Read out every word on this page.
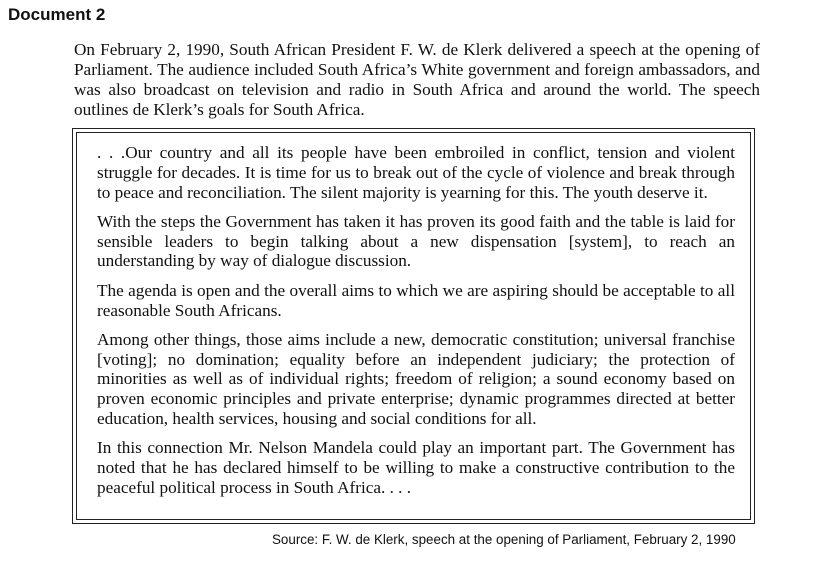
Document 2

On February 2, 1990, South African President F. W. de Klerk delivered a speech at the opening of Parliament. The audience included South Africa’s White government and foreign ambassadors, and was also broadcast on television and radio in South Africa and around the world. The speech outlines de Klerk’s goals for South Africa.

. . .Our country and all its people have been embroiled in conflict, tension and violent struggle for decades. It is time for us to break out of the cycle of violence and break through to peace and reconciliation. The silent majority is yearning for this. The youth deserve it.

With the steps the Government has taken it has proven its good faith and the table is laid for sensible leaders to begin talking about a new dispensation [system], to reach an understanding by way of dialogue discussion.

The agenda is open and the overall aims to which we are aspiring should be acceptable to all reasonable South Africans.

Among other things, those aims include a new, democratic constitution; universal franchise [voting]; no domination; equality before an independent judiciary; the protection of minorities as well as of individual rights; freedom of religion; a sound economy based on proven economic principles and private enterprise; dynamic programmes directed at better education, health services, housing and social conditions for all.

In this connection Mr. Nelson Mandela could play an important part. The Government has noted that he has declared himself to be willing to make a constructive contribution to the peaceful political process in South Africa. . . .

Source: F. W. de Klerk, speech at the opening of Parliament, February 2, 1990
